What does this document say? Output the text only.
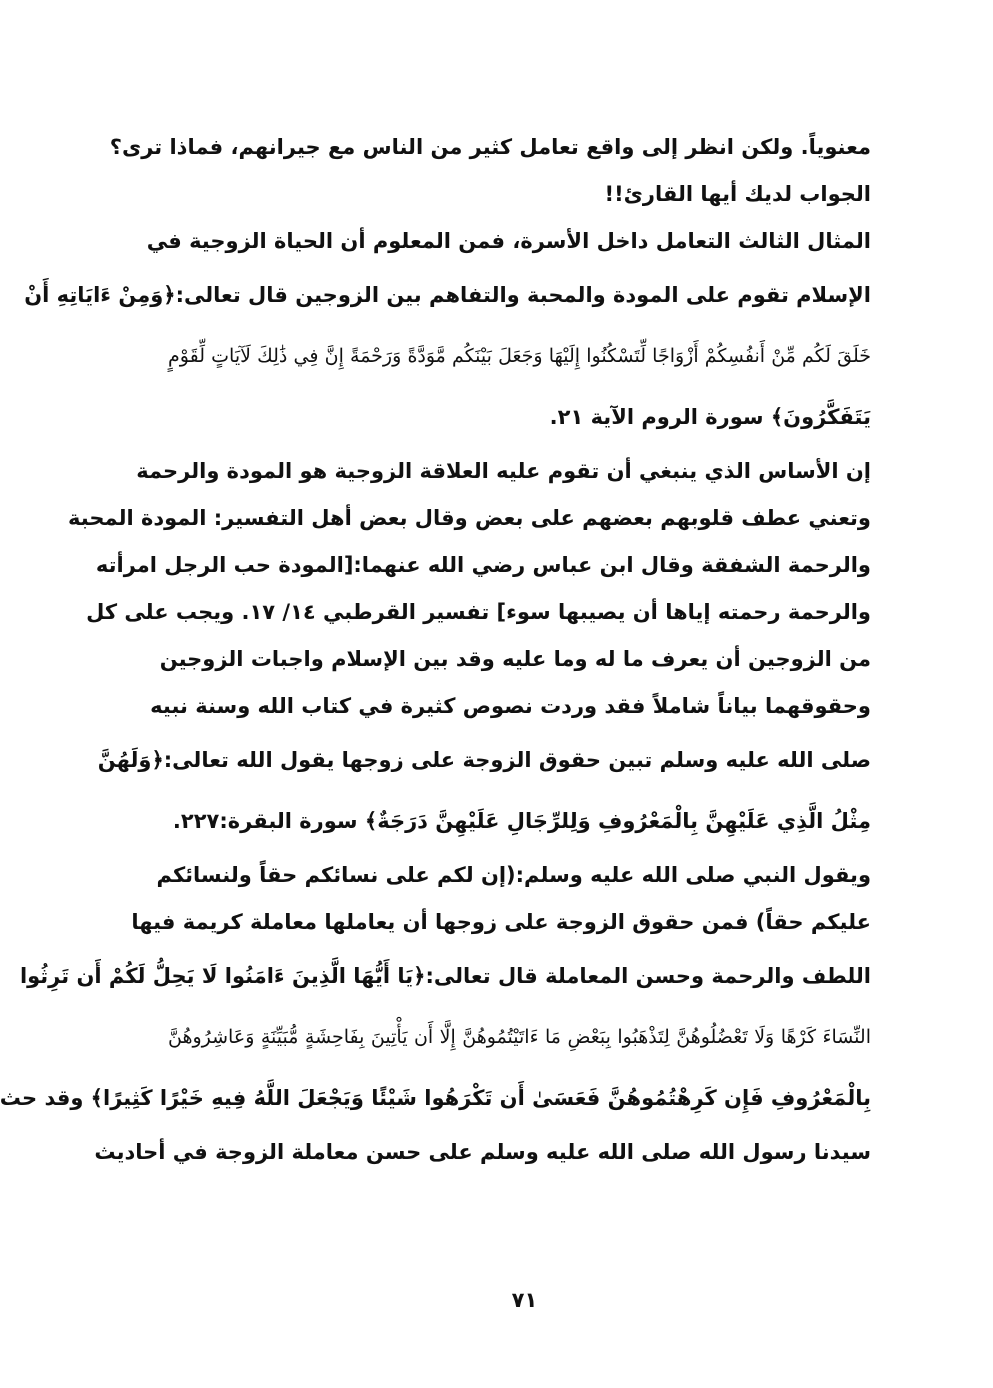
معنوياً. ولكن انظر إلى واقع تعامل كثير من الناس مع جيرانهم، فماذا ترى؟
الجواب لديك أيها القارئ!!
المثال الثالث التعامل داخل الأسرة، فمن المعلوم أن الحياة الزوجية في
الإسلام تقوم على المودة والمحبة والتفاهم بين الزوجين قال تعالى:﴿وَمِنْ ءَايَاتِهِ أَنْ
خَلَقَ لَكُم مِّنْ أَنفُسِكُمْ أَزْوَاجًا لِّتَسْكُنُوا إِلَيْهَا وَجَعَلَ بَيْنَكُم مَّوَدَّةً وَرَحْمَةً إِنَّ فِي ذَٰلِكَ لَآيَاتٍ لِّقَوْمٍ
يَتَفَكَّرُونَ﴾ سورة الروم الآية ٢١.
إن الأساس الذي ينبغي أن تقوم عليه العلاقة الزوجية هو المودة والرحمة
وتعني عطف قلوبهم بعضهم على بعض وقال بعض أهل التفسير: المودة المحبة
والرحمة الشفقة وقال ابن عباس رضي الله عنهما:[المودة حب الرجل امرأته
والرحمة رحمته إياها أن يصيبها سوء] تفسير القرطبي ١٤/ ١٧. ويجب على كل
من الزوجين أن يعرف ما له وما عليه وقد بين الإسلام واجبات الزوجين
وحقوقهما بياناً شاملاً فقد وردت نصوص كثيرة في كتاب الله وسنة نبيه
صلى الله عليه وسلم تبين حقوق الزوجة على زوجها يقول الله تعالى:﴿وَلَهُنَّ
مِثْلُ الَّذِي عَلَيْهِنَّ بِالْمَعْرُوفِ وَلِلرِّجَالِ عَلَيْهِنَّ دَرَجَةٌ﴾ سورة البقرة:٢٢٧.
ويقول النبي صلى الله عليه وسلم:(إن لكم على نسائكم حقاً ولنسائكم
عليكم حقاً) فمن حقوق الزوجة على زوجها أن يعاملها معاملة كريمة فيها
اللطف والرحمة وحسن المعاملة قال تعالى:﴿يَا أَيُّهَا الَّذِينَ ءَامَنُوا لَا يَحِلُّ لَكُمْ أَن تَرِثُوا
النِّسَاءَ كَرْهًا وَلَا تَعْضُلُوهُنَّ لِتَذْهَبُوا بِبَعْضِ مَا ءَاتَيْتُمُوهُنَّ إِلَّا أَن يَأْتِينَ بِفَاحِشَةٍ مُّبَيِّنَةٍ وَعَاشِرُوهُنَّ
بِالْمَعْرُوفِ فَإِن كَرِهْتُمُوهُنَّ فَعَسَىٰ أَن تَكْرَهُوا شَيْئًا وَيَجْعَلَ اللَّهُ فِيهِ خَيْرًا كَثِيرًا﴾ وقد حث
سيدنا رسول الله صلى الله عليه وسلم على حسن معاملة الزوجة في أحاديث
٧١
